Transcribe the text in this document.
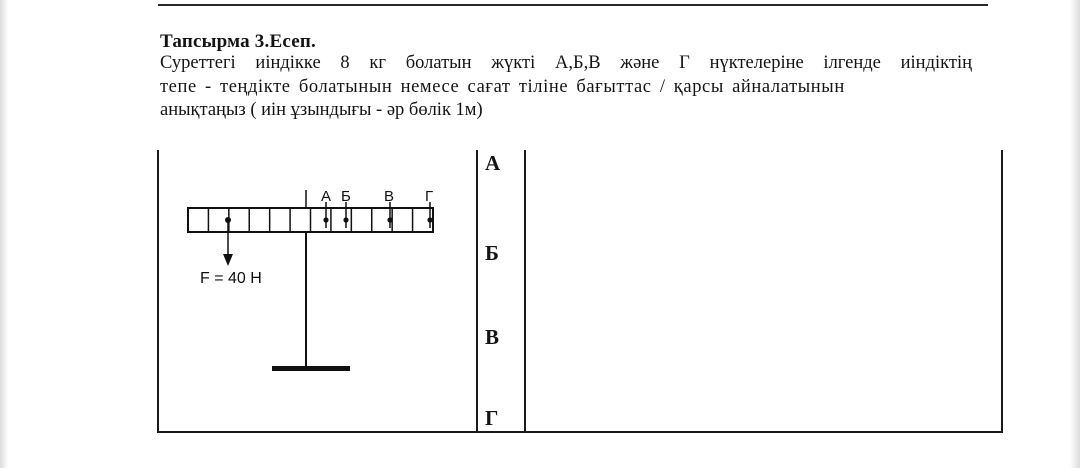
Тапсырма 3.Есеп.
Суреттегі иіндікке 8 кг болатын жүкті А,Б,В және Г нүктелеріне ілгенде иіндіктің
тепе - теңдікте болатынын немесе сағат тіліне бағыттас / қарсы айналатынын
анықтаңыз ( иін ұзындығы - әр бөлік 1м)
А
Б
В
Г
F = 40 Н
А Б В Г
